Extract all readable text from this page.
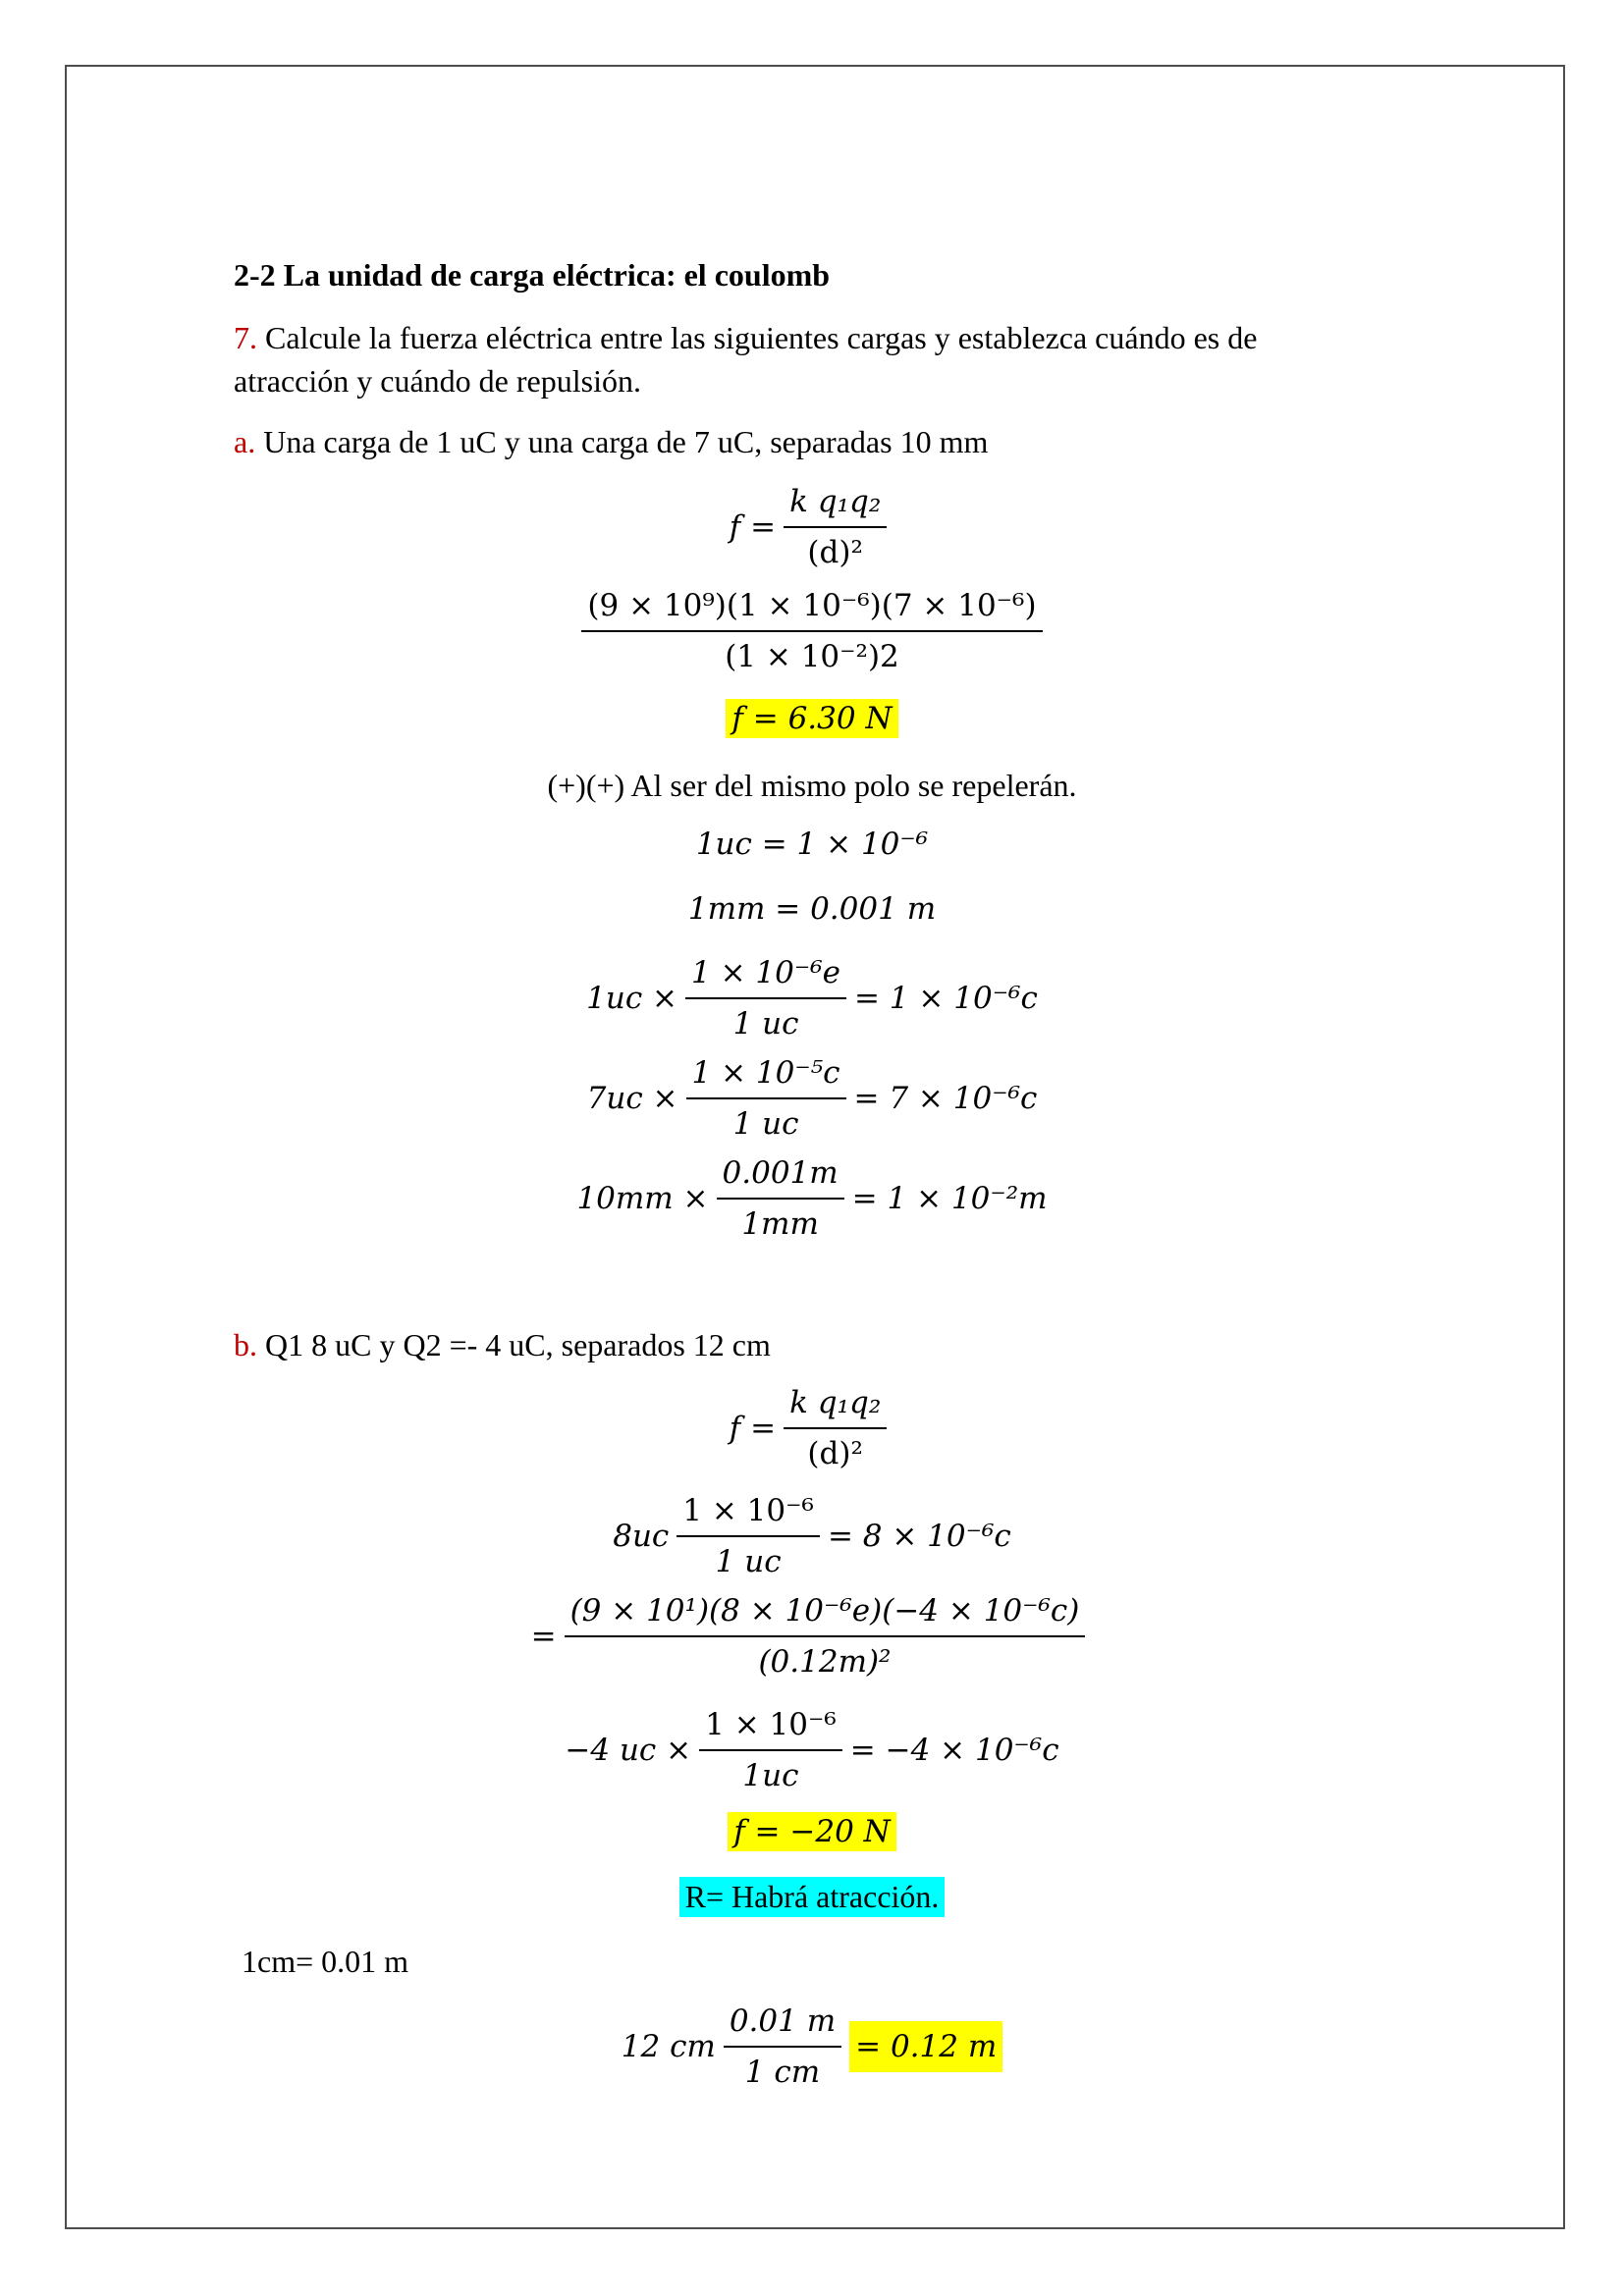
2-2 La unidad de carga eléctrica: el coulomb
7. Calcule la fuerza eléctrica entre las siguientes cargas y establezca cuándo es de
atracción y cuándo de repulsión.
a. Una carga de 1 uC y una carga de 7 uC, separadas 10 mm
$f = \frac{\text{k q₁q₂}}{\text{(d)²}}$
$\frac{\text{(9 × 10⁹)(1 × 10⁻⁶)(7 × 10⁻⁶)}}{\text{(1 × 10⁻²)2}}$
f = 6.30 N
(+)(+) Al ser del mismo polo se repelerán.
1uc = 1 × 10⁻⁶
1mm = 0.001 m
$1uc \times \frac{\text{1 × 10⁻⁶e}}{1 uc} = 1 \times 10^{-6}c$
$7uc \times \frac{\text{1 × 10⁻⁵c}}{1 uc} = 7 \times 10^{-6}c$
$10mm \times \frac{0.001m}{1mm} = 1 \times 10^{-2}m$
b. Q1 8 uC y Q2 =- 4 uC, separados 12 cm
$f = \frac{\text{k q₁q₂}}{\text{(d)²}}$
$8uc \frac{\text{1 × 10⁻⁶}}{1 uc} = 8 \times 10^{-6}c$
= $\frac{\text{(9 × 10¹)(8 × 10⁻⁶e)(−4 × 10⁻⁶c)}}{\text{(0.12m)²}}$
−4 uc × $\frac{\text{1 × 10⁻⁶}}{1uc} = -4 \times 10^{-6}c$
f = −20 N
R= Habrá atracción.
1cm= 0.01 m
12 cm $\frac{0.01 m}{1 cm} = 0.12$ m
